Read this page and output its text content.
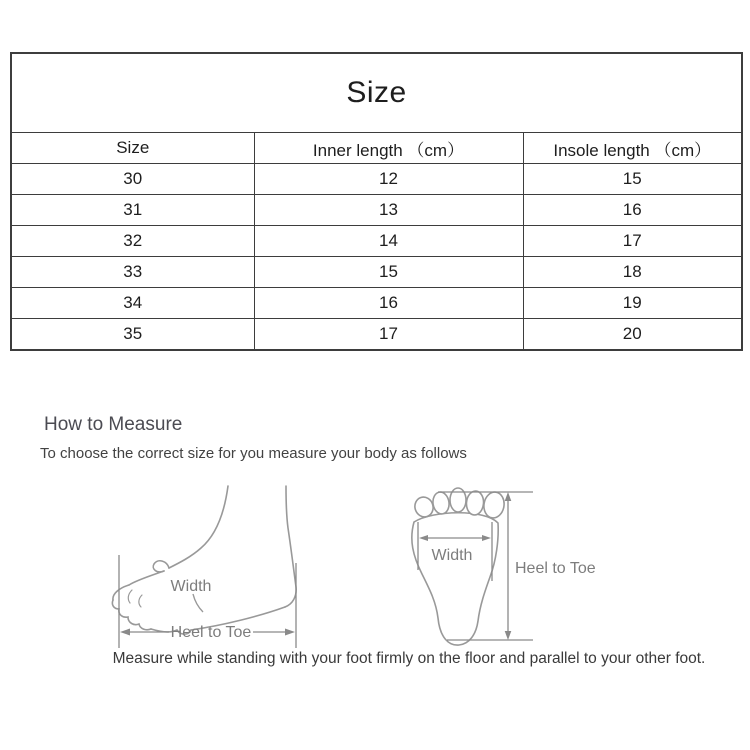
Size		
Size	Inner length （cm）	Insole length （cm）
30	12	15
31	13	16
32	14	17
33	15	18
34	16	19
35	17	20
How to Measure
To choose the correct size for you measure your body as follows
Width
Heel to Toe
Width
Heel to Toe
Measure while standing with your foot firmly on the floor and parallel to your other foot.
